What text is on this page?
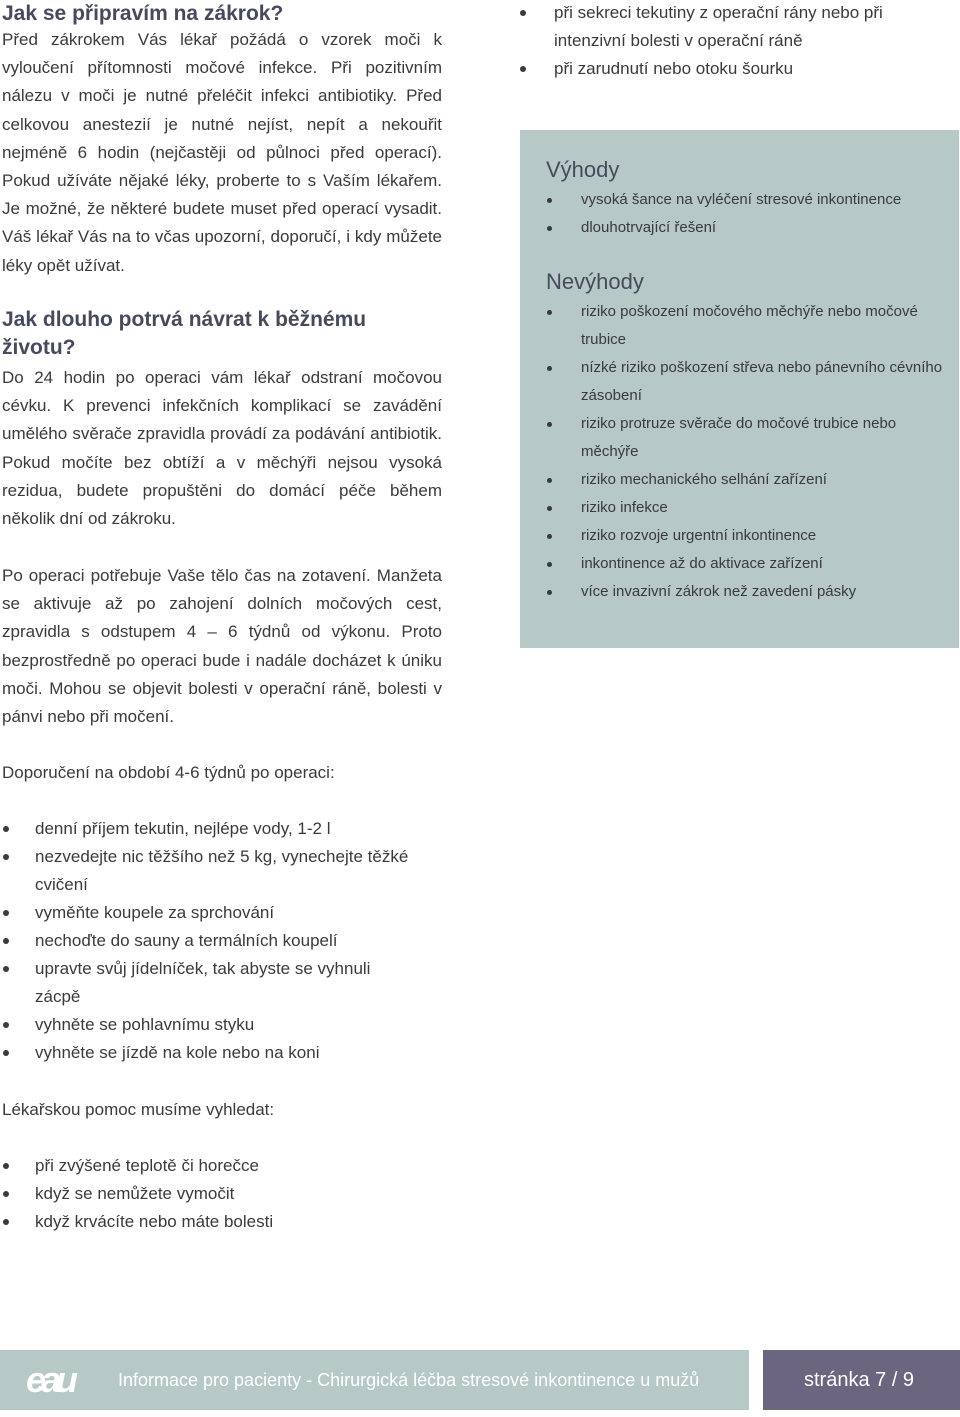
Jak se připravím na zákrok?

Před zákrokem Vás lékař požádá o vzorek moči k vyloučení přítomnosti močové infekce. Při pozitivním nálezu v moči je nutné přeléčit infekci antibiotiky. Před celkovou anestezií je nutné nejíst, nepít a nekouřit nejméně 6 hodin (nejčastěji od půlnoci před operací). Pokud užíváte nějaké léky, proberte to s Vaším lékařem. Je možné, že některé budete muset před operací vysadit. Váš lékař Vás na to včas upozorní, doporučí, i kdy můžete léky opět užívat.

Jak dlouho potrvá návrat k běžnému životu?

Do 24 hodin po operaci vám lékař odstraní močovou cévku. K prevenci infekčních komplikací se zavádění umělého svěrače zpravidla provádí za podávání antibiotik. Pokud močíte bez obtíží a v měchýři nejsou vysoká rezidua, budete propuštěni do domácí péče během několik dní od zákroku.

Po operaci potřebuje Vaše tělo čas na zotavení. Manžeta se aktivuje až po zahojení dolních močových cest, zpravidla s odstupem 4 – 6 týdnů od výkonu. Proto bezprostředně po operaci bude i nadále docházet k úniku moči. Mohou se objevit bolesti v operační ráně, bolesti v pánvi nebo při močení.

při sekreci tekutiny z operační rány nebo při intenzivní bolesti v operační ráně
při zarudnutí nebo otoku šourku
Výhody
vysoká šance na vyléčení stresové inkontinence
dlouhotrvající řešení
Nevýhody
riziko poškození močového měchýře nebo močové trubice
nízké riziko poškození střeva nebo pánevního cévního zásobení
riziko protruze svěrače do močové trubice nebo měchýře
riziko mechanického selhání zařízení
riziko infekce
riziko rozvoje urgentní inkontinence
inkontinence až do aktivace zařízení
více invazivní zákrok než zavedení pásky

Doporučení na období 4-6 týdnů po operaci:

denní příjem tekutin, nejlépe vody, 1-2 l
nezvedejte nic těžšího než 5 kg, vynechejte těžké cvičení
vyměňte koupele za sprchování
nechoďte do sauny a termálních koupelí
upravte svůj jídelníček, tak abyste se vyhnuli zácpě
vyhněte se pohlavnímu styku
vyhněte se jízdě na kole nebo na koni

Lékařskou pomoc musíme vyhledat:

při zvýšené teplotě či horečce
když se nemůžete vymočit
když krvácíte nebo máte bolesti
eau Informace pro pacienty - Chirurgická léčba stresové inkontinence u mužů	stránka 7 / 9
